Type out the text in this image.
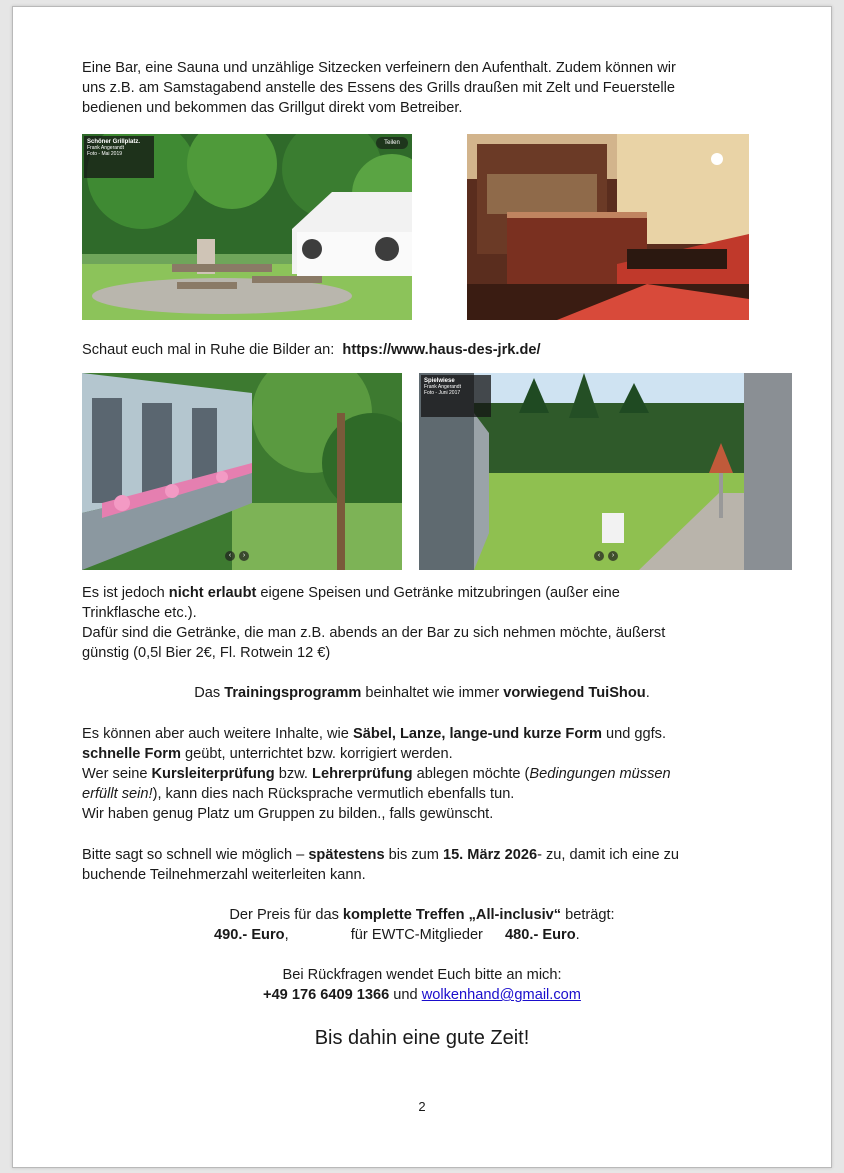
Eine Bar, eine Sauna und unzählige Sitzecken verfeinern den Aufenthalt. Zudem können wir
uns z.B. am Samstagabend anstelle des Essens des Grills draußen mit Zelt und Feuerstelle
bedienen und bekommen das Grillgut direkt vom Betreiber.

Schöner Grillplatz.
Frank Angerandt
Foto - Mai 2019
Teilen

Schaut euch mal in Ruhe die Bilder an: https://www.haus-des-jrk.de/

‹ ›
Spielwiese
Frank Angerandt
Foto - Juni 2017
‹ ›

Es ist jedoch nicht erlaubt eigene Speisen und Getränke mitzubringen (außer eine
Trinkflasche etc.).
Dafür sind die Getränke, die man z.B. abends an der Bar zu sich nehmen möchte, äußerst
günstig (0,5l Bier 2€, Fl. Rotwein 12 €)

Das Trainingsprogramm beinhaltet wie immer vorwiegend TuiShou.

Es können aber auch weitere Inhalte, wie Säbel, Lanze, lange-und kurze Form und ggfs.
schnelle Form geübt, unterrichtet bzw. korrigiert werden.
Wer seine Kursleiterprüfung bzw. Lehrerprüfung ablegen möchte (Bedingungen müssen
erfüllt sein!), kann dies nach Rücksprache vermutlich ebenfalls tun.
Wir haben genug Platz um Gruppen zu bilden., falls gewünscht.

Bitte sagt so schnell wie möglich – spätestens bis zum 15. März 2026- zu, damit ich eine zu
buchende Teilnehmerzahl weiterleiten kann.

Der Preis für das komplette Treffen „All-inclusiv“ beträgt:

490.- Euro,	für EWTC-Mitglieder 480.- Euro.

Bei Rückfragen wendet Euch bitte an mich:

+49 176 6409 1366 und wolkenhand@gmail.com

Bis dahin eine gute Zeit!

2
